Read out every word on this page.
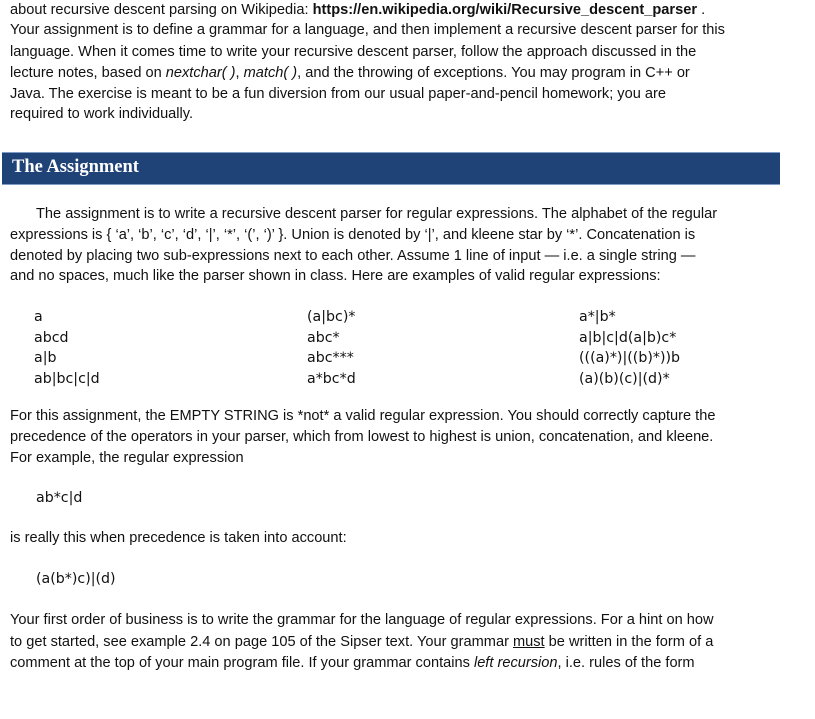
about recursive descent parsing on Wikipedia: https://en.wikipedia.org/wiki/Recursive_descent_parser .
Your assignment is to define a grammar for a language, and then implement a recursive descent parser for this
language. When it comes time to write your recursive descent parser, follow the approach discussed in the
lecture notes, based on nextchar( ), match( ), and the throwing of exceptions. You may program in C++ or
Java. The exercise is meant to be a fun diversion from our usual paper-and-pencil homework; you are
required to work individually.
The Assignment
The assignment is to write a recursive descent parser for regular expressions. The alphabet of the regular
expressions is { ‘a’, ‘b’, ‘c’, ‘d’, ‘|’, ‘*’, ‘(’, ‘)’ }. Union is denoted by ‘|’, and kleene star by ‘*’. Concatenation is
denoted by placing two sub-expressions next to each other. Assume 1 line of input — i.e. a single string —
and no spaces, much like the parser shown in class. Here are examples of valid regular expressions:
a
abcd
a|b
ab|bc|c|d
(a|bc)*
abc*
abc***
a*bc*d
a*|b*
a|b|c|d(a|b)c*
(((a)*)|((b)*))b
(a)(b)(c)|(d)*
For this assignment, the EMPTY STRING is *not* a valid regular expression. You should correctly capture the
precedence of the operators in your parser, which from lowest to highest is union, concatenation, and kleene.
For example, the regular expression
ab*c|d
is really this when precedence is taken into account:
(a(b*)c)|(d)
Your first order of business is to write the grammar for the language of regular expressions. For a hint on how
to get started, see example 2.4 on page 105 of the Sipser text. Your grammar must be written in the form of a
comment at the top of your main program file. If your grammar contains left recursion, i.e. rules of the form
